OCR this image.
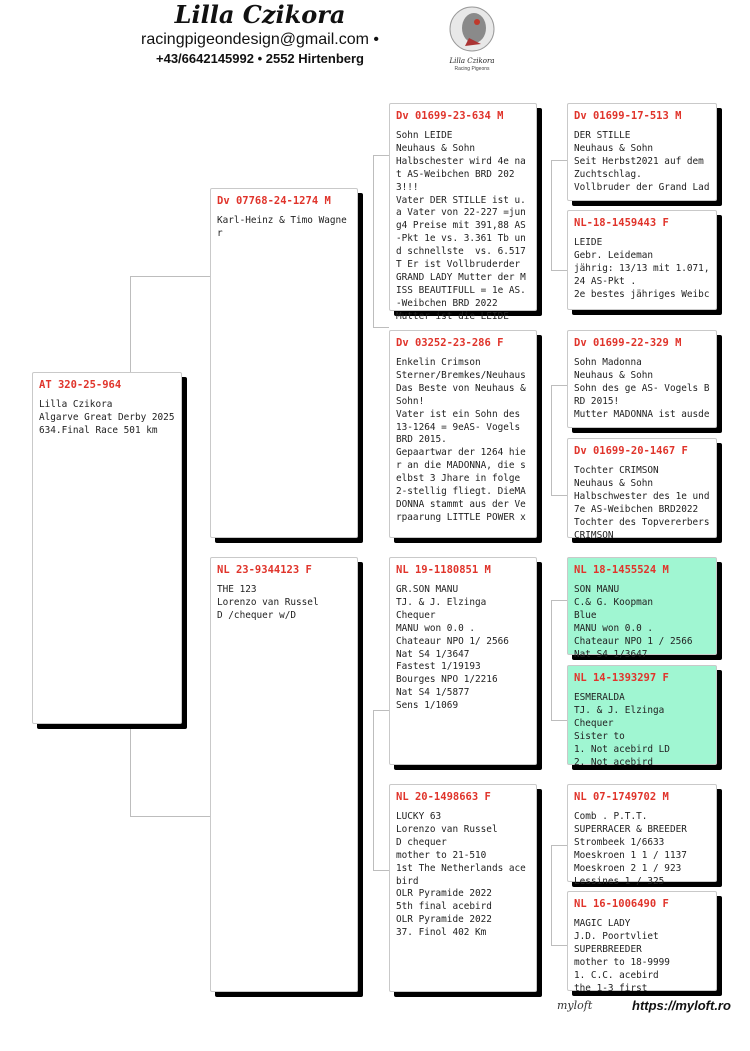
Lilla Czikora
racingpigeondesign@gmail.com •
+43/6642145992 • 2552 Hirtenberg	Lilla Czikora
Racing Pigeons
AT 320-25-964
Lilla Czikora
Algarve Great Derby 2025
634.Final Race 501 km
Dv 07768-24-1274 M
Karl-Heinz & Timo Wagner
NL 23-9344123 F
THE 123
Lorenzo van Russel
D /chequer w/D
Dv 01699-23-634 M
Sohn LEIDE
Neuhaus & Sohn
Halbschester wird 4e nat AS-Weibchen BRD 2023!!!
Vater DER STILLE ist u.a Vater von 22-227 =jung4 Preise mit 391,88 AS-Pkt 1e vs. 3.361 Tb und schnellste  vs. 6.517 T Er ist Vollbruderder GRAND LADY Mutter der MISS BEAUTIFULL = 1e AS.-Weibchen BRD 2022
Mutter ist die LEIDE
Dv 03252-23-286 F
Enkelin Crimson
Sterner/Bremkes/Neuhaus
Das Beste von Neuhaus & Sohn!
Vater ist ein Sohn des 13-1264 = 9eAS- Vogels BRD 2015.
Gepaartwar der 1264 hier an die MADONNA, die selbst 3 Jhare in folge 2-stellig fliegt. DieMADONNA stammt aus der Verpaarung LITTLE POWER x
NL 19-1180851 M
GR.SON MANU
TJ. & J. Elzinga
Chequer
MANU won 0.0 .
Chateaur NPO 1/ 2566
Nat S4 1/3647
Fastest 1/19193
Bourges NPO 1/2216
Nat S4 1/5877
Sens 1/1069
NL 20-1498663 F
LUCKY 63
Lorenzo van Russel
D chequer
mother to 21-510
1st The Netherlands acebird
OLR Pyramide 2022
5th final acebird
OLR Pyramide 2022
37. Finol 402 Km
Dv 01699-17-513 M
DER STILLE
Neuhaus & Sohn
Seit Herbst2021 auf dem Zuchtschlag.
Vollbruder der Grand Lad
NL-18-1459443 F
LEIDE
Gebr. Leideman
jährig: 13/13 mit 1.071,24 AS-Pkt .
2e bestes jähriges Weibc
Dv 01699-22-329 M
Sohn Madonna
Neuhaus & Sohn
Sohn des ge AS- Vogels BRD 2015!
Mutter MADONNA ist ausde
Dv 01699-20-1467 F
Tochter CRIMSON
Neuhaus & Sohn
Halbschwester des 1e und 7e AS-Weibchen BRD2022
Tochter des Topvererbers CRIMSON
NL 18-1455524 M
SON MANU
C.& G. Koopman
Blue
MANU won 0.0 .
Chateaur NPO 1 / 2566
Nat S4 1/3647
NL 14-1393297 F
ESMERALDA
TJ. & J. Elzinga
Chequer
Sister to
1. Not acebird LD
2. Not acebird
NL 07-1749702 M
Comb . P.T.T.
SUPERRACER & BREEDER
Strombeek 1/6633
Moeskroen 1 1 / 1137
Moeskroen 2 1 / 923
Lessines 1 / 325
NL 16-1006490 F
MAGIC LADY
J.D. Poortvliet
SUPERBREEDER
mother to 18-9999
1. C.C. acebird
the 1-3 first
myloft	https://myloft.ro
